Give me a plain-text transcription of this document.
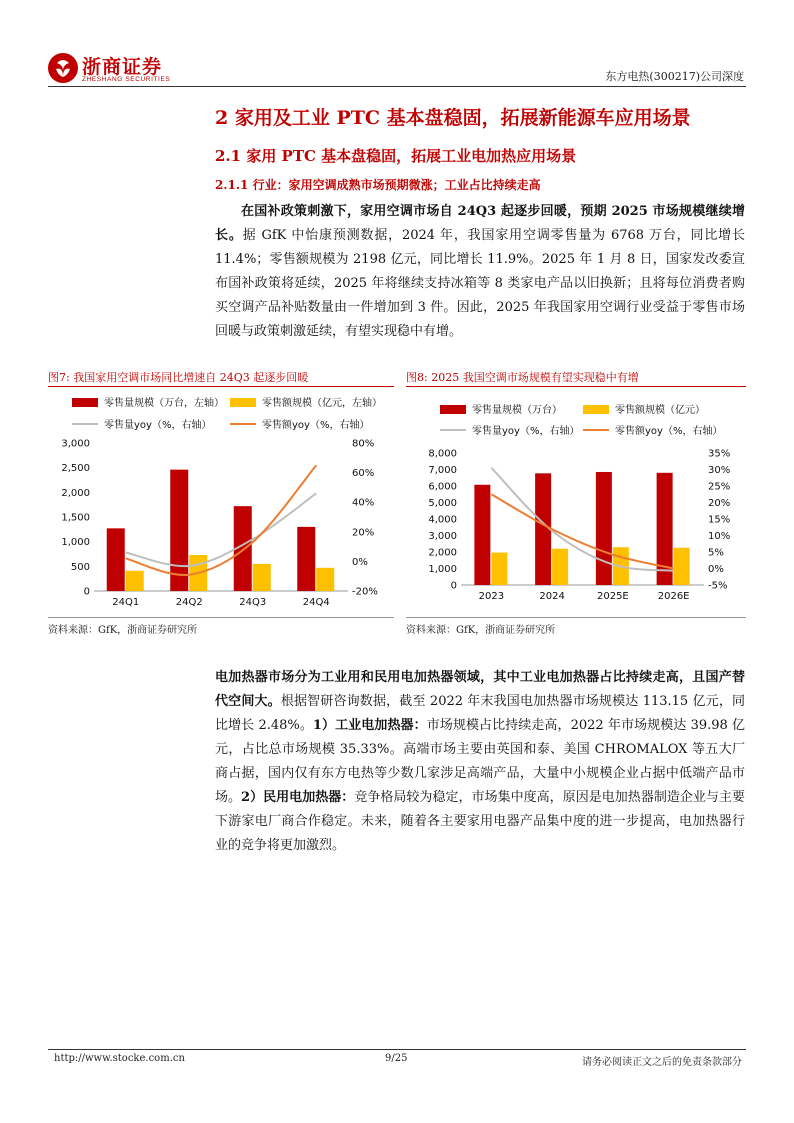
浙商证券
ZHESHANG SECURITIES	东方电热(300217)公司深度
2 家用及工业 PTC 基本盘稳固，拓展新能源车应用场景
2.1 家用 PTC 基本盘稳固，拓展工业电加热应用场景
2.1.1 行业：家用空调成熟市场预期微涨；工业占比持续走高
在国补政策刺激下，家用空调市场自 24Q3 起逐步回暖，预期 2025 市场规模继续增长。据 GfK 中怡康预测数据，2024 年，我国家用空调零售量为 6768 万台，同比增长 11.4%；零售额规模为 2198 亿元，同比增长 11.9%。2025 年 1 月 8 日，国家发改委宣布国补政策将延续，2025 年将继续支持冰箱等 8 类家电产品以旧换新；且将每位消费者购买空调产品补贴数量由一件增加到 3 件。因此，2025 年我国家用空调行业受益于零售市场回暖与政策刺激延续，有望实现稳中有增。
图7: 我国家用空调市场同比增速自 24Q3 起逐步回暖
零售量规模（万台，左轴）	零售额规模（亿元，左轴）
零售量yoy（%，右轴）	零售额yoy（%，右轴）
0
500
1,000
1,500
2,000
2,500
3,000
-20%
0%
20%
40%
60%
80%
24Q1	24Q2	24Q3	24Q4
资料来源：GfK，浙商证券研究所
图8: 2025 我国空调市场规模有望实现稳中有增
零售量规模（万台）	零售额规模（亿元）
零售量yoy（%，右轴）	零售额yoy（%，右轴）
0
1,000
2,000
3,000
4,000
5,000
6,000
7,000
8,000
-5%
0%
5%
10%
15%
20%
25%
30%
35%
2023	2024	2025E	2026E
资料来源：GfK，浙商证券研究所
电加热器市场分为工业用和民用电加热器领域，其中工业电加热器占比持续走高，且国产替代空间大。根据智研咨询数据，截至 2022 年末我国电加热器市场规模达 113.15 亿元，同比增长 2.48%。1）工业电加热器：市场规模占比持续走高，2022 年市场规模达 39.98 亿元，占比总市场规模 35.33%。高端市场主要由英国和泰、美国 CHROMALOX 等五大厂商占据，国内仅有东方电热等少数几家涉足高端产品，大量中小规模企业占据中低端产品市场。2）民用电加热器：竞争格局较为稳定，市场集中度高，原因是电加热器制造企业与主要下游家电厂商合作稳定。未来，随着各主要家用电器产品集中度的进一步提高，电加热器行业的竞争将更加激烈。
http://www.stocke.com.cn	9/25	请务必阅读正文之后的免责条款部分
